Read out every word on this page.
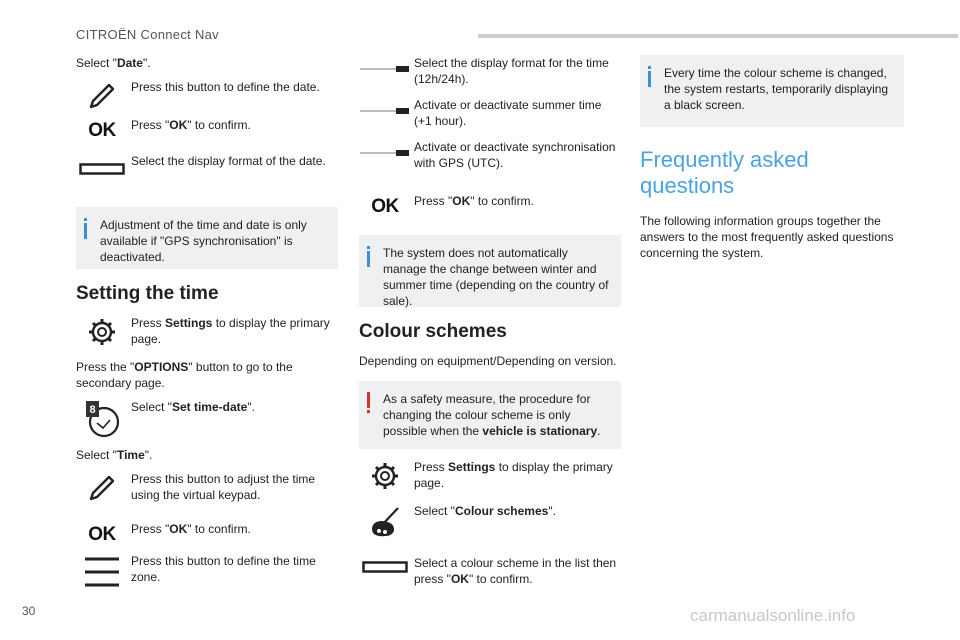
CITROËN Connect Nav

Select "Date".

Press this button to define the date.
OK Press "OK" to confirm.
Select the display format of the date.
Adjustment of the time and date is only available if "GPS synchronisation" is deactivated.
Setting the time
Press Settings to display the primary page.

Press the "OPTIONS" button to go to the secondary page.

8	Select "Set time-date".

Select "Time".

Press this button to adjust the time using the virtual keypad.
OK Press "OK" to confirm.
Press this button to define the time zone.
Select the display format for the time (12h/24h).
Activate or deactivate summer time (+1 hour).
Activate or deactivate synchronisation with GPS (UTC).
OK Press "OK" to confirm.
The system does not automatically manage the change between winter and summer time (depending on the country of sale).
Colour schemes

Depending on equipment/Depending on version.

As a safety measure, the procedure for changing the colour scheme is only possible when the vehicle is stationary.
Press Settings to display the primary page.
Select "Colour schemes".
Select a colour scheme in the list then press "OK" to confirm.
Every time the colour scheme is changed, the system restarts, temporarily displaying a black screen.
Frequently asked questions

The following information groups together the answers to the most frequently asked questions concerning the system.

30	carmanualsonline.info
